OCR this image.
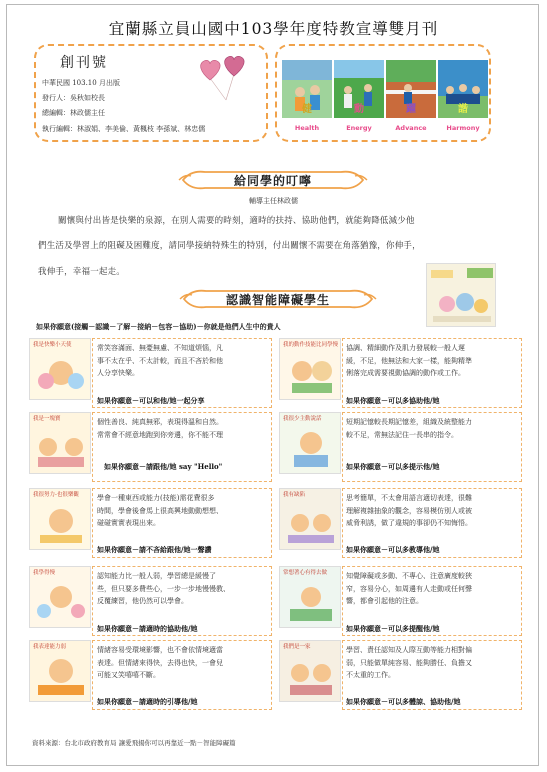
宜蘭縣立員山國中103學年度特教宣導雙月刊
創刊號
中華民國 103.10 月出版
發行人：吳秋如校長
總編輯：林政儒主任
執行編輯：林淑娟、李美倫、黃楓枝 李孫斌、林忠儒
健	動	躍	諧
Health	Energy	Advance	Harmony
給同學的叮嚀
輔導主任林政儒
關懷與付出皆是快樂的泉源，在別人需要的時刻，適時的扶持、協助他們，就能夠降低減少他
們生活及學習上的阻礙及困難度，請同學接納特殊生的特別，付出關懷不需要在角落猶豫，你伸手，
我伸手，幸福一起走。
認識智能障礙學生
如果你願意(接觸－認識－了解－接納－包容－協助)－你就是他們人生中的貴人
我是快樂小天使	常笑容滿面、無憂無慮、不知道煩惱，凡
事不太在乎、不太計較，而且不吝於和他
人分享快樂。
如果你願意－可以和他/她一起分享
我的動作技能比同學慢 協調、精細動作及肌力發展較一般人遲
緩，不足，他無法和大家一樣，能夠精準
俐落完成需要視動協調的動作或工作。
如果你願意－可以多協助他/她
我是一塊寶	個性善良、純真無邪，表現得溫和自然。
常常會不經意地跑到你旁邊，你不能不理
如果你願意－請跟他/她 say "Hello"
我很少主動說話	短期記憶較長期記憶差，組織及統整能力
較不足，常無法記住一長串的指令。
如果你願意－可以多提示他/她
我很努力-也很樂觀	學會一種東西或能力(技能)需花費很多
時間，學會後會馬上很高興地動動想想、
碰碰實實表現出來。
如果你願意－請不吝給跟他/她一聲讚
我有缺陷	思考簡單，不太會用語言適切表達，很難
理解複雜抽象的觀念，容易模仿別人或被
威脅利誘，做了違規的事卻仍不知悔悟。
如果你願意－可以多教導他/她
我學得慢	認知能力比一般人弱，學習總是緩慢了
些，但只要多費些心，一步一步地慢慢教、
反覆練習，他仍然可以學會。
如果你願意－請適時的協助他/她
常想著心有得去做	知覺障礙或多動、不專心、注意廣度較狹
窄，容易分心，如周邊有人走動或任何聲
響，都會引起他的注意。
如果你願意－可以多提醒他/她
我表達能力弱	情緒容易受環境影響，也不會依情境適當
表達。但情緒來得快，去得也快，一會兒
可能又笑嘻嘻不斷。
如果你願意－請適時的引導他/她
我們是一家	學習、責任認知及人際互動等能力相對偏
弱，只能做單純容易、能夠勝任、負擔又
不太重的工作。
如果你願意－可以多體諒、協助他/她
資料來源：台北市政府教育局 讓愛飛揚你可以再靠近一點－智能障礙篇
